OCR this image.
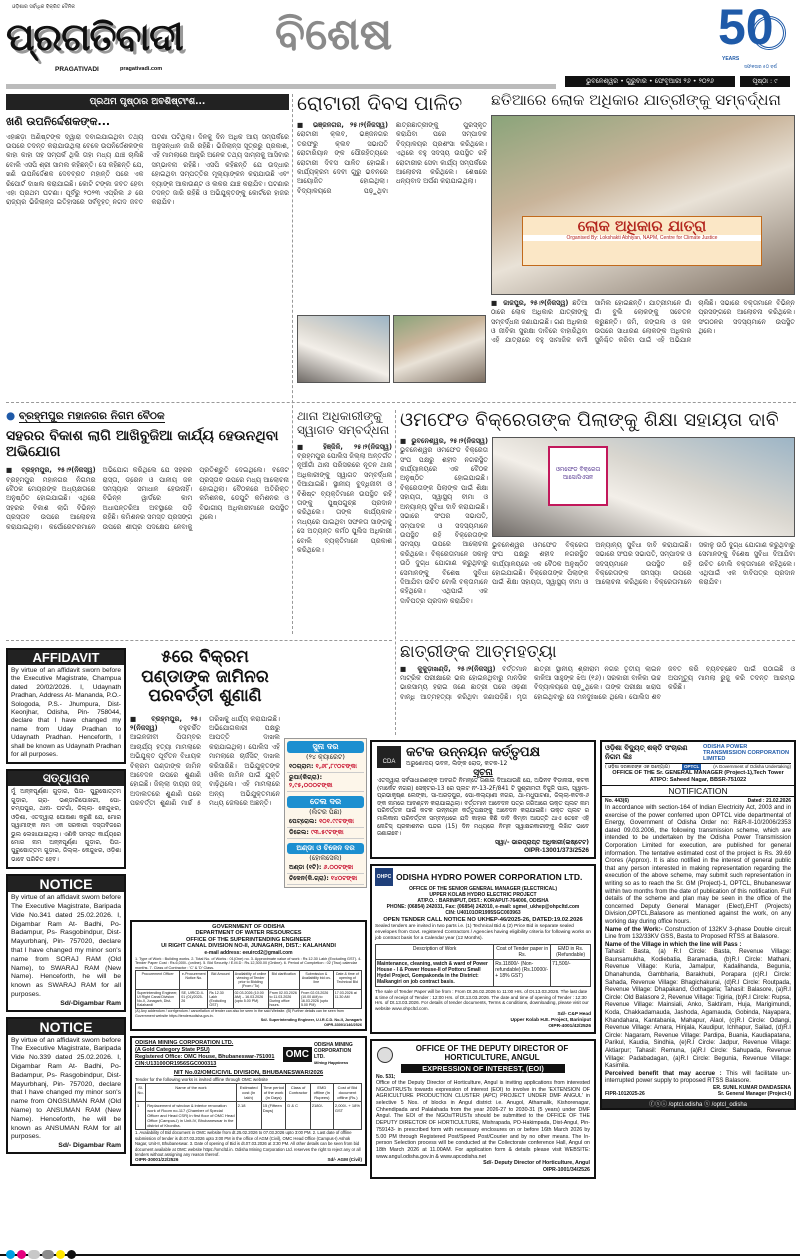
ଓଡ଼ିଶାର ସର୍ବାଧିକ ବିକ୍ରିତ ଦୈନିକ
ପ୍ରଗତିବାଦୀ
PRAGATIVADI	pragativadi.com
ବିଶେଷ	50
YEARS
ସଫଳତାର ୫୦ ବର୍ଷ
ଭୁବନେଶ୍ୱର • ଗୁରୁବାର • ଫେବୃଆରୀ ୨୬ • ୨୦୨୬	ପୃଷ୍ଠା : ୯
ପ୍ରଥମ ପୃଷ୍ଠାର ଅବଶିଷ୍ଟାଂଶ...
ଖଣି ଉପନିର୍ଦ୍ଦେଶକଙ୍କ...
ଏହାଛଡ଼ା ଅଣିଷ୍ଟଙ୍କ ଦ୍ୱାରା ଦବାଇଯାଇଥିବା ତଥ୍ୟ ଉପରେ ତଦନ୍ତ କରାଯାଉଥିଲା ବେଳେ ଉପନିର୍ଦ୍ଦେଶକଙ୍କ କାହା କାହା ସହ ସମ୍ପର୍କ ଥିଲି ତାହା ମଧ୍ୟ ଯାଞ୍ଚ ଚାଲିଛି ବୋଲି ଏସପି ଶ୍ରୀ ସାମଲ କହିଛନ୍ତି। ସେ କହିଛନ୍ତି ଯେ, ଖଣି ଉପନିର୍ଦ୍ଦେଶକ ଦେବବ୍ରତ ମହାନ୍ତି ପରେ ଏକ ରିପୋର୍ଟ ଦାଖଲ କରାଯାଇଛି। କୋଟି ଟଙ୍କା ଜବତ ହେବା ଏହା ପ୍ରଥମ ଘଟଣା। ପୂର୍ବରୁ ୨୦୨୩ ଏପ୍ରିଲ ୬ ରେ ରାଜ୍ୟର ଭିଜିଲାନ୍ସ ଇତିହାସରେ ସର୍ବବୃହତ୍ ନଗଦ ଜବତ ଘଟଣା ଘଟିଥିଲା। ଦିନକୁ ଦିନ ଅଧିକ ଆୟ ସମ୍ପର୍କରେ ଅନୁସନ୍ଧାନ ଜାରି ରହିଛି। ଭିଜିଲାନ୍ସ ସୂତ୍ରରୁ ପ୍ରକାଶ, ଏହି ମାମଲାରେ ଆହୁରି ଅନେକ ତଥ୍ୟ ସାମ୍ନାକୁ ଆସିବାର ସମ୍ଭାବନା ରହିଛି। ଏସପି କହିଛନ୍ତି ଯେ ଉଦ୍ଧାର ହୋଇଥିବା ସମ୍ପତ୍ତିର ମୂଲ୍ୟାଙ୍କନ କରାଯାଉଛି ଏବଂ ବ୍ୟାଙ୍କ ଆକାଉଣ୍ଟ ଓ ଲକର ଯାଞ୍ଚ କରାଯିବ। ଘଟଣାର ତଦନ୍ତ ଜାରି ରହିଛି ଓ ଅଭିଯୁକ୍ତଙ୍କୁ କୋର୍ଟରେ ହାଜର କରାଯିବ।
ରୋଟାରୀ ଦିବସ ପାଳିତ
■ ଭଞ୍ଜନଗର, ୨୫।୨(ନିଜସ୍ୱ) ରୋଟାରୀ କ୍ଲବ, ଭଞ୍ଜନଗର ତରଫରୁ କ୍ଲବ ସଭାପତି ରୋଟାରିୟାନ ଙ୍କ ପୌରହିତ୍ୟରେ ରୋଟାରୀ ଦିବସ ପାଳିତ ହୋଇଛି। କାର୍ଯ୍ୟକ୍ରମ ଦେବୀ ଗୁରୁ ଭବନରେ ଆୟୋଜିତ ହୋଇଥିଲା। ବିଦ୍ୟାଳୟରେ ପଢ଼ୁଥିବା ଛାତ୍ରଛାତ୍ରୀଙ୍କୁ ପୁରସ୍କୃତ କରାଯିବା ପରେ ସମ୍ପାଦକ ବିଦ୍ୟାଳୟର ପ୍ରଶଂସା କରିଥିଲେ। ଏଥିରେ ବହୁ ସଦସ୍ୟ ଉପସ୍ଥିତ ରହି ରୋଟାରୀର ସେବା କାର୍ଯ୍ୟ ସମ୍ପର୍କରେ ଆଲୋଚନା କରିଥିଲେ। ଶେଷରେ ଧନ୍ୟବାଦ ଅର୍ପଣ କରାଯାଇଥିଲା।
ଛତିଆରେ ଲୋକ ଅଧିକାର ଯାତ୍ରୀଙ୍କୁ ସମ୍ବର୍ଦ୍ଧନା
ଲୋକ ଅଧିକାର ଯାତ୍ରା
Organised By: Lokshakti Abhiyan, NAPM, Centre for Climate Justice
■ ଜାଜପୁର, ୨୫।୨(ନିଜସ୍ୱ) ଛତିଆ ଠାରେ ଲୋକ ଅଧିକାର ଯାତ୍ରୀଙ୍କୁ ସମ୍ବର୍ଦ୍ଧନା ଜଣାଯାଇଛି। ଗଣ ଅଧିକାର ଓ ଜୀବିକା ସୁରକ୍ଷା ଦାବିରେ ବାହାରିଥିବା ଏହି ଯାତ୍ରାରେ ବହୁ ସାମାଜିକ କର୍ମୀ ସାମିଲ ହୋଇଛନ୍ତି। ଯାତ୍ରୀମାନେ ଗାଁ ଗାଁ ବୁଲି ଲୋକଙ୍କୁ ସଚେତନ କରୁଛନ୍ତି। ଜମି, ଜଙ୍ଗଲ ଓ ଜଳ ଉପରେ ସାଧାରଣ ଲୋକଙ୍କ ଅଧିକାର ସୁନିଶ୍ଚିତ କରିବା ପାଇଁ ଏହି ଅଭିଯାନ ଚାଲିଛି। ସଭାରେ ବକ୍ତାମାନେ ବିଭିନ୍ନ ପ୍ରସଙ୍ଗରେ ଆଲୋଚନା କରିଥିଲେ। ସଂଗଠନର ସଦସ୍ୟମାନେ ଉପସ୍ଥିତ ଥିଲେ।
● ବ୍ରହ୍ମପୁର ମହାନଗର ନିଗମ ବୈଠକ
ସହରର ବିକାଶ ଲାଗି ଆଖିବୁଜିଆ କାର୍ଯ୍ୟ ହେଉନଥିବା ଅଭିଯୋଗ
■ ବ୍ରହ୍ମପୁର, ୨୫।୨(ନିଜସ୍ୱ) ବ୍ରହ୍ମପୁର ମହାନଗର ନିଗମର ବୈଠକ ମେୟରଙ୍କ ଅଧ୍ୟକ୍ଷତାରେ ଅନୁଷ୍ଠିତ ହୋଇଯାଇଛି। ଏଥିରେ ସହରର ବିକାଶ ଲାଗି ବିଭିନ୍ନ ପ୍ରସ୍ତାବ ଉପରେ ଆଲୋଚନା କରାଯାଇଥିଲା। କର୍ପୋରେଟରମାନେ ଅଭିଯୋଗ କରିଥିଲେ ଯେ ସହରର ରାସ୍ତା, ଡ୍ରେନ ଓ ପାନୀୟ ଜଳ ସମସ୍ୟାର ସମାଧାନ ହେଉନାହିଁ। ବିଭିନ୍ନ ୱାର୍ଡରେ କାମ ଅଧାପନ୍ତରିଆ ଅବସ୍ଥାରେ ପଡ଼ି ରହିଛି। କମିଶନର ସମସ୍ତ ପ୍ରସଙ୍ଗ ଉପରେ ଶୀଘ୍ର ପଦକ୍ଷେପ ନେବାକୁ ପ୍ରତିଶ୍ରୁତି ଦେଇଥିଲେ। ବଜେଟ ପ୍ରସ୍ତାବ ଉପରେ ମଧ୍ୟ ଆଲୋଚନା ହୋଇଥିଲା। ବୈଠକରେ ଅତିରିକ୍ତ କମିଶନର, ଡେପୁଟି କମିଶନର ଓ ବିଭାଗୀୟ ଅଧିକାରୀମାନେ ଉପସ୍ଥିତ ଥିଲେ।
ଥାନା ଅଧିକାରୀଙ୍କୁ ସ୍ୱାଗତ ସମ୍ବର୍ଦ୍ଧନା
■ ହିଞ୍ଜିଳି, ୨୫।୨(ନିଜସ୍ୱ) ବ୍ରହ୍ମପୁର ପୋଲିସ ଜିଲ୍ଲା ଅନ୍ତର୍ଗତ ନୂଆଁଗାଁ ଥାନା ପରିସରରେ ନୂତନ ଥାନା ଅଧିକାରୀଙ୍କୁ ସ୍ୱାଗତ ସମ୍ବର୍ଦ୍ଧନା ଦିଆଯାଇଛି। ସ୍ଥାନୀୟ ବୁଦ୍ଧିଜୀବୀ ଓ ବିଶିଷ୍ଟ ବ୍ୟକ୍ତିମାନେ ଉପସ୍ଥିତ ରହି ତାଙ୍କୁ ପୁଷ୍ପଗୁଚ୍ଛ ପ୍ରଦାନ କରିଥିଲେ। ତାଙ୍କ କାର୍ଯ୍ୟକାଳ ମଧ୍ୟରେ ପାଇଥିବା ସଫଳତା ସାଙ୍ଗକୁ ସେ ଅତ୍ୟନ୍ତ କର୍ମଠ ପୁଲିସ ଅଧିକାରୀ ବୋଲି ବ୍ୟକ୍ତିମାନେ ପ୍ରକାଶ କରିଥିଲେ।
ଓମଫେଡ ବିକ୍ରେତାଙ୍କ ପିଲାଙ୍କୁ ଶିକ୍ଷା ସହାୟତା ଦାବି
■ ଭୁବନେଶ୍ୱର, ୨୫।୨(ନିଜସ୍ୱ) ଭୁବନେଶ୍ୱର ଓମଫେଡ ବିକ୍ରେତା ସଂଘ ପକ୍ଷରୁ ଶହୀଦ ନଗରସ୍ଥିତ କାର୍ଯ୍ୟାଳୟରେ ଏକ ବୈଠକ ଅନୁଷ୍ଠିତ ହୋଇଯାଇଛି। ବିକ୍ରେତାଙ୍କ ପିଲାଙ୍କ ପାଇଁ ଶିକ୍ଷା ସହାୟତା, ସ୍ୱାସ୍ଥ୍ୟ ବୀମା ଓ ଅନ୍ୟାନ୍ୟ ସୁବିଧା ଦାବି କରାଯାଇଛି। ସଭାରେ ସଂଘର ସଭାପତି, ସମ୍ପାଦକ ଓ ସଦସ୍ୟମାନେ ଉପସ୍ଥିତ ରହି ବିକ୍ରେତାଙ୍କ ସମସ୍ୟା ଉପରେ ଆଲୋଚନା କରିଥିଲେ। ବିକ୍ରେତାମାନେ ସକାଳୁ ଉଠି ଦୁଗ୍ଧ ଯୋଗାଣ କରୁଥିବାରୁ ସେମାନଙ୍କୁ ବିଶେଷ ସୁବିଧା ଦିଆଯିବା ଉଚିତ ବୋଲି ବକ୍ତାମାନେ କହିଥିଲେ। ଏଥିପାଇଁ ଏକ ଦାବିପତ୍ର ପ୍ରଦାନ କରାଯିବ।
ଓମଫେଡ ବିକ୍ରେତା ଆସୋସିଏସନ
ଭୁବନେଶ୍ୱର ଓମଫେଡ ବିକ୍ରେତା ସଂଘ ପକ୍ଷରୁ ଶହୀଦ ନଗରସ୍ଥିତ କାର୍ଯ୍ୟାଳୟରେ ଏକ ବୈଠକ ଅନୁଷ୍ଠିତ ହୋଇଯାଇଛି। ବିକ୍ରେତାଙ୍କ ପିଲାଙ୍କ ପାଇଁ ଶିକ୍ଷା ସହାୟତା, ସ୍ୱାସ୍ଥ୍ୟ ବୀମା ଓ ଅନ୍ୟାନ୍ୟ ସୁବିଧା ଦାବି କରାଯାଇଛି। ସଭାରେ ସଂଘର ସଭାପତି, ସମ୍ପାଦକ ଓ ସଦସ୍ୟମାନେ ଉପସ୍ଥିତ ରହି ବିକ୍ରେତାଙ୍କ ସମସ୍ୟା ଉପରେ ଆଲୋଚନା କରିଥିଲେ। ବିକ୍ରେତାମାନେ ସକାଳୁ ଉଠି ଦୁଗ୍ଧ ଯୋଗାଣ କରୁଥିବାରୁ ସେମାନଙ୍କୁ ବିଶେଷ ସୁବିଧା ଦିଆଯିବା ଉଚିତ ବୋଲି ବକ୍ତାମାନେ କହିଥିଲେ। ଏଥିପାଇଁ ଏକ ଦାବିପତ୍ର ପ୍ରଦାନ କରାଯିବ।
ଛାତ୍ରୀଙ୍କ ଆତ୍ମହତ୍ୟା
■ କୁକୁଡ଼ାଖଣ୍ଡି, ୨୫।୨(ନିଜସ୍ୱ) ବର୍ତ୍ତମାନ ମାଟ୍ରିକ ପରୀକ୍ଷାରେ ଭଲ ହୋଇନଥିବାରୁ ମାନସିକ ଭାରସାମ୍ୟ ହରାଇ ଜଣେ ଛାତ୍ରୀ ଘରେ ଓଢ଼ଣୀ ବାନ୍ଧି ଆତ୍ମହତ୍ୟା କରିଥିବା ଜଣାପଡ଼ିଛି। ମୃତା ଛାତ୍ରୀ ସ୍ଥାନୀୟ ଶ୍ରୀରାମ ନଗର ତୃତୀୟ ଲାଇନ କାଳିଆ ସାହୁଙ୍କ ଝିଅ (୧୬)। ସରକାରୀ ବାଳିକା ଉଚ୍ଚ ବିଦ୍ୟାଳୟରେ ପଢ଼ୁଥିଲେ। ତାଙ୍କ ପରୀକ୍ଷା ଖରାପ ହୋଇଥିବାରୁ ସେ ମନଦୁଃଖରେ ଥିଲେ। ପୋଲିସ ଶବ ଜବତ କରି ବ୍ୟବଚ୍ଛେଦ ପାଇଁ ପଠାଇଛି ଓ ଅପମୃତ୍ୟୁ ମାମଲା ରୁଜୁ କରି ତଦନ୍ତ ଆରମ୍ଭ କରିଛି।
AFFIDAVIT
By virtue of an affidavit sworn before the Executive Magistrate, Champua dated 20/02/2026. I, Udaynath Pradhan, Address At- Mananda, P.O.- Sologoda, P.S.- Jhumpura, Dist- Keonjhar, Odisha, Pin- 758044, declare that I have changed my name from Uday Pradhan to Udaynath Pradhan. Henceforth, I shall be known as Udaynath Pradhan for all purposes.
ସତ୍ୟାପନ
ମୁଁ ଅନ୍ନପୂର୍ଣ୍ଣା ଗୁଡ଼ାର, ପିତା- ପୁରୁଷୋତ୍ତମ ଗୁଡ଼ାର, ଗ୍ରା- ଭଣ୍ଡାରିପୋଖରୀ, ପୋ- ଚମ୍ପପୁର, ଥାନା- ଘଟଗାଁ, ଜିଲ୍ଲା- କେନ୍ଦୁଝର, ଓଡ଼ିଶା, ଏତଦ୍ୱାରା ଘୋଷଣା କରୁଛି ଯେ, ମୋର ସ୍ୱାମୀଙ୍କ ନାମ ଏକ ସରକାରୀ ଦସ୍ତାବିଜରେ ଭୁଲ ଲେଖାଯାଇଥିଲା। ଏଣିକି ସମସ୍ତ କାର୍ଯ୍ୟରେ ମୋର ନାମ ଅନ୍ନପୂର୍ଣ୍ଣା ଗୁଡ଼ାର, ପିତା- ପୁରୁଷୋତ୍ତମ ଗୁଡ଼ାର, ଜିଲ୍ଲା- କେନ୍ଦୁଝର, ଓଡ଼ିଶା ଭାବେ ପରିଚିତ ହେବ।
NOTICE
By virtue of an affidavit sworn before The Executive Magistrate, Baripada Vide No.341 dated 25.02.2026. I, Digambar Ram At- Badhi, Po- Badampur, Ps- Rasgobindpur, Dist- Mayurbhanj, Pin- 757020, declare that I have changed my minor son's name from SORAJ RAM (Old Name), to SWARAJ RAM (New Name). Henceforth, he will be known as SWARAJ RAM for all purposes.
Sd/-Digambar Ram
NOTICE
By virtue of an affidavit sworn before The Executive Magistrate, Baripada Vide No.339 dated 25.02.2026. I, Digambar Ram At- Badhi, Po- Badampur, Ps- Rasgobindpur, Dist- Mayurbhanj, Pin- 757020, declare that I have changed my minor son's name from ONGSUMAN RAM (Old Name) to ANSUMAN RAM (New Name). Henceforth, he will be known as ANSUMAN RAM for all purposes.
Sd/- Digambar Ram
୫ରେ ବିକ୍ରମ ପଣ୍ଡାଙ୍କ ଜାମିନର ପରବର୍ତ୍ତୀ ଶୁଣାଣି
■ ବ୍ରହ୍ମପୁର, ୨୫।୨(ନିଜସ୍ୱ)	ବହୁଚର୍ଚ୍ଚିତ ଆଇନଜୀବୀ ପିତାମ୍ବର ଆଚାର୍ଯ୍ୟ ହତ୍ୟା ମାମଲାରେ ଅଭିଯୁକ୍ତ ପୂର୍ବତନ ବିଧାୟକ ବିକ୍ରମ ପଣ୍ଡାଙ୍କ ଜାମିନ ଆବେଦନ ଉପରେ ଶୁଣାଣି ହୋଇଛି। ଜିଲ୍ଲା ଦାୟରା ଜଜ୍ ଅଦାଲତରେ ଶୁଣାଣି ପରେ ପରବର୍ତ୍ତୀ ଶୁଣାଣି ମାର୍ଚ୍ଚ ୫ ତାରିଖକୁ ଧାର୍ଯ୍ୟ କରାଯାଇଛି। ଅଭିଯୋଗକାରୀ ପକ୍ଷରୁ ଆପତ୍ତି ଦାଖଲ କରାଯାଇଥିଲା। ପୋଲିସ ଏହି ମାମଲାରେ ଚାର୍ଜସିଟ୍ ଦାଖଲ କରିସାରିଛି। ଅଭିଯୁକ୍ତଙ୍କ ଓକିଲ ଜାମିନ ପାଇଁ ଯୁକ୍ତି ବାଢ଼ିଥିଲେ। ଏହି ମାମଲାରେ ଅନ୍ୟ ଅଭିଯୁକ୍ତମାନେ ମଧ୍ୟ ଜେଲରେ ଅଛନ୍ତି।
ସୁନା ଦର
(୨୪ କ୍ୟାରେଟ)
୧୦ଗ୍ରାମ: ୧,୬୮,୮୯୦ଟଙ୍କା
ରୁପା(କିଗ୍ରା): ୨,୯୫,୦୦୦ଟଙ୍କା
ତେଲ ଦର
(ଲିଟର ପିଛା)
ପେଟ୍ରୋଲ: ୧୦୧.୯୯ଟଙ୍କା
ଡିଜେଲ: ୯୩.୫୯ଟଙ୍କା
ଅଣ୍ଡା ଓ ଚିକେନ ଦର
(ହୋଲସେଲ)
ଅଣ୍ଡା (୧ଟି): ୬.୦୦ଟଙ୍କା
ଚିକେନ(କି.ଗ୍ରା): ୧୪୦ଟଙ୍କା
GOVERNMENT OF ODISHA
DEPARTMENT OF WATER RESOURCES
OFFICE OF THE SUPERINTENDING ENGINEER
UI RIGHT CANAL DIVISION NO-II, JUNAGARH, DIST.: KALAHANDI
e-mail address: eeuircd2@gmail.com
1. Type of Work : Building works. 2. Total No. of Works : 01(One) no. 3. Approximate value of work : Rs 12.30 Lakh (Excluding GST). 4. Tender Paper Cost : Rs.6,000/- (online). 5. Bid Security / E.M.D : Rs.12,300.00 (Online). 6. Period of Completion : 02 (Two) calendar months. 7. Class of Contractor : 'C' & 'D' Class.
Procurement Officer	e-Procurement Notice No.	Bid Amount	Availability of online viewing of Tender prior to Bidding (From / To)	Bid clarification	Submission & Availability bid on-line	Date & time of opening of Technical Bid
Superintending Engineer, UI Right Canal Division No-II, Junagarh, Dist-Kalahandi	SE, UIRCD-II-01 (01)/2025-26	Rs 12.30 Lakh (Excluding GST)	02.03.2026 (10.00 AM) – 16.03.2026 (upto 5.00 PM)	From 02.03.2026 to 11.03.2026 During office hours.	From 02.03.2026 (10.00 AM) to 16.03.2026 (upto 5.00 PM)	17.03.2026 at 11.30 AM
(A) Any addendum / corrigendum / cancellation of tender can also be seen in the said Website. (B) Further details can be seen from Government website https://tendersodisha.gov.in.
Sd/- Superintending Engineer, U.I.R.C.D. No-II, Junagarh
OIPR-33001/146/2526
ODISHA MINING CORPORATION LTD.
(A Gold Category State PSU)
Registered Office: OMC House, Bhubaneswar-751001
CIN:U13100OR1956SGC000313
OMC
ODISHA MINING CORPORATION LTD.
Mining Happiness
NIT No.02/OMC/CIVIL DIVISION, BHUBANESWAR/2026
Tender for the following works is invited offline through OMC website
Sl. No.	Name of the work	Estimated cost (In lakh)	Time period of the work (in Days)	Class of Contractor	EMD offline (In Rupees)	Cost of Bid document offline (Rs.)
1	Replacement of window & interior renovation work of Room no-117 (Chamber of Special Officer and Head CSR) in first floor of OMC Head Office (Campus-I) in Unit-IV, Bhubaneswar in the district of Khordha.	2.18	15 (Fifteen Days)	D & C	2180/-	2,000/- + 18% GST
1. Availability of Bid document in OMC website from dt.25.02.2026 to 07.03.2026 upto 3:00 PM. 2. Last date of offline submission of tender is dt.07.03.2026 upto 3:00 PM in the office of AGM (Civil), OMC Head Office (Campus-I) Ashok Nagar, Unit-II, Bhubaneswar. 3. Date of opening of Bid is dt.07.03.2026 at 3:30 PM. All other details can be seen from bid document available at OMC website https://omcltd.in. Odisha Mining Corporation Ltd. reserves the right to reject any or all tenders without assigning any reason thereof.
OIPR-30001/22/2526	Sd/- AGM (Civil)
CDA
କଟକ ଉନ୍ନୟନ କର୍ତ୍ତୃପକ୍ଷ
ଅରୁଣୋଦୟ ଭବନ, ଲିଙ୍କ ରୋଡ୍, କଟକ-12
ସୂଚନା
ଏତଦ୍ୱାରା ସର୍ବସାଧାରଣଙ୍କ ଅବଗତି ନିମନ୍ତେ ଜଣାଇ ଦିଆଯାଉଛି ଯେ, ଅଭିନବ ବିଡ଼ାନାସୀ, କଟକ (ମାର୍କେଟ ନଗର) ସେକ୍ଟର-13 ରେ ପ୍ଲଟ ନଂ-13-2F/841 ଟି ସୁଶ୍ରୀମତୀ ବିଜୁଳି ପାଲ, ସ୍ୱାମୀ-ପ୍ରଭାକୃଷ୍ଣ ଲେଙ୍କା, ସା-ଅରଡ଼ପୁର, ପୋ-କଲ୍ୟାଣୀ ନଗର, ଥା-ମଧୁପାଟଣା, ଜିଲ୍ଲା-କଟକ-୬ ଙ୍କ ନାମରେ ଆବଣ୍ଟନ କରାଯାଇଥିଲା। ବର୍ତ୍ତମାନ ଆବେଦନ ପତ୍ର ଜରିଆରେ ଉକ୍ତ ପ୍ଲଟ ନାମ ପରିବର୍ତ୍ତନ ପାଇଁ କଟକ ଉନ୍ନୟନ କର୍ତ୍ତୃପକ୍ଷଙ୍କୁ ଆବେଦନ କରାଯାଇଛି। ଉକ୍ତ ପ୍ଲଟ ର ମାଲିକାନା ପରିବର୍ତ୍ତନ ସମ୍ବନ୍ଧରେ ଯଦି କାହାର କିଛି ଦାବି କିମ୍ବା ଆପତ୍ତି ଥାଏ ତେବେ ଏହି ନୋଟିସ୍ ପ୍ରକାଶନର ପନ୍ଦର (15) ଦିନ ମଧ୍ୟରେ ନିମ୍ନ ସ୍ୱାକ୍ଷରକାରୀଙ୍କୁ ଲିଖିତ ଭାବେ ଜଣାଇବେ।
ସ୍ୱା/- ଭାରପ୍ରାପ୍ତ ଅଧିକାରୀ(ଇଷ୍ଟେଟ)
OIPR-13001/373/2526
OHPC ODISHA HYDRO POWER CORPORATION LTD.
OFFICE OF THE SENIOR GENERAL MANAGER (ELECTRICAL)
UPPER KOLAB HYDRO ELECTRIC PROJECT
AT/P.O. : BARINIPUT, DIST.: KORAPUT-764006, ODISHA
PHONE: (06854) 242031, Fax: (06854) 242010, e-mail: sgmel_ukhep@ohpcltd.com
CIN: U40101OR1995SGC003963
OPEN TENDER CALL NOTICE NO UKHEP-46/2025-26, DATED:19.02.2026
Sealed tenders are invited in two parts i.e. (1) Technical Bid & (2) Price Bid in separate sealed envelopes from Govt. registered Contractors / Agencies having eligibility criteria for following works on job contract basis for a Calendar year (12 Months).
Description of Work	Cost of Tender paper in Rs.	EMD in Rs. (Refundable)
Maintenance, cleaning, watch & ward of Power House - I & Power House-II of Pottoru Small Hydel Project, Gompakonda in the District: Malkangiri on job contract basis.	Rs.11800/- (Non-refundable) (Rs.10000/- + 18% GST)	71,500/-
The sale of Tender Paper will be from : From Dt.26.02.2026 to 11:00 Hrs. of Dt.13.03.2026. The last date & time of receipt of Tender : 12:00 Hrs. of Dt.13.03.2026. The date and time of opening of Tender : 12:30 Hrs. of Dt.13.03.2026. For details of tender documents, Terms & conditions, downloading, please visit our website www.ohpcltd.com.
Sd/- C&P Head
Upper Kolab H.E. Project, Bariniput
OIPR-4001/42/2526
OFFICE OF THE DEPUTY DIRECTOR OF
HORTICULTURE, ANGUL
EXPRESSION OF INTEREST, (EOI)
No. 531;
Office of the Deputy Director of Horticulture, Angul is inviting applications from interested NGOs/TRUSTs towards expression of interest (EOI) to involve in the 'EXTENSION OF AGRICULTURE PRODUCTION CLUSTER (APC) PROJECT UNDER DMF ANGUL' in selective 5 Nos. of blocks in Angul district i.e. Anugol, Athamalik, Kishorenagar, Chhendipada and Palalahada from the year 2026-27 to 2030-31 (5 years) under DMF Angul. The EOI of the NGOs/TRUSTs should be submitted to the OFFICE OF THE DEPUTY DIRECTOR OF HORTICULTURE, Mishrapada, PO-Hakimpada, Dist-Angul, Pin-759143- in prescribed form with necessary enclosures on or before 16th March 2026 by 5.00 PM through Registered Post/Speed Post/Courier and by no other means. The In-person Selection process will be conducted at the Collectorate conference Hall, Angul on 18th March 2026 at 11.00AM. For application form & details please visit WEBSITE: www.angul.odisha.gov.in & www.apcodisha.net
Sd/- Deputy Director of Horticulture, Angul
OIPR-1001/34/2526
ଓଡ଼ିଶା ବିଦ୍ୟୁତ୍ ଶକ୍ତି ସଂଚାରଣ ନିଗମ ଲିଃ
ODISHA POWER TRANSMISSION CORPORATION LIMITED
( ଓଡ଼ିଶା ସରକାରଙ୍କ ଏକ ଉଦ୍ୟୋଗ)	OPTCL	(A Government of Odisha Undertaking)
OFFICE OF THE Sr. GENERAL MANAGER (Project-1),Tech Tower ATIPO: Saheed Nagar, BBSR-751022
NOTIFICATION
No. 443(6)	Dated : 21.02.2026
In accordance with section-164 of Indian Electricity Act, 2003 and in exercise of the power conferred upon OPTCL vide departmental of Energy, Government of Odisha Order no: R&R-II-10/2006/2353 dated 09.03.2006, the following transmission scheme, which are intended to be undertaken by the Odisha Power Transmission Corporation Limited for execution, are published for general information. The tentative estimated cost of the project is Rs. 39.69 Crores (Approx). It is also notified in the interest of general public that any person interested in making representation regarding the execution of the above scheme, may submit such representation in writing so as to reach the Sr. GM (Project)-1, OPTCL, Bhubaneswar within two months from the date of publication of this notification. Full details of the scheme and plan may be seen in the office of the concerned Deputy General Manager (Elect),EHT (Projects) Division,OPTCL,Balasore as mentioned against the work, on any working day during office hours.
Name of the Work:- Construction of 132KV 3-phase Double circuit Line from 132/33KV GSS, Basta to Proposed RTSS at Balasore.
Name of the Village in which the line will Pass :
Tahasil: Basta, (a) R.I Circle: Basta, Revenue Village: Baunsamukha, Kodiebatia, Baramadia, (b)R.I Circle: Mathani, Revenue Village: Kuria, Jamalpur, Kadalihanda, Begunia, Dhanahunda, Gambharia, Barakhubi, Porapara (c)R.I Circle: Sahada, Revenue Village: Bhagichakurai, (d)R.I Circle: Routpada, Revenue Village: Dhapakand, Gothagaria; Tahasil: Balasore, (a)R.I Circle: Old Balasore 2, Revenue Village: Tigiria, (b)R.I Circle: Rupsa, Revenue Village: Mainsiali, Anko, Saktiram, Huja, Marigimundi, Koda, Chakkadamauda, Jashoda, Agamauda, Gobinda, Nayapara, Khandahara, Kantabania, Mahapur, Alaol, (c)R.I Circle: Odangi, Revenue Village: Amara, Hinjala, Kaudipur, Ichhapur, Sailad, (d)R.I Circle: Nagaram, Revenue Village: Pardipa, Buania, Kaudiapatana, Parikul, Kaudia, Sindhia, (e)R.I Circle: Jadpur, Revenue Village: Aktiarpur; Tahasil: Remuna, (a)R.I Circle: Sahupada, Revenue Village: Padabadagan, (a)R.I Circle: Begunia, Revenue Village: Kasimila.
Perceived benefit that may accrue : This will facilitate un-interrupted power supply to proposed RTSS Balasore.
ER. SUNIL KUMAR DANDASENA
FIPR-1012025-26	Sr. General Manager (Project-I)
ⓕⓧⓘ /optcl.odisha ⓧ /optcl_odisha
